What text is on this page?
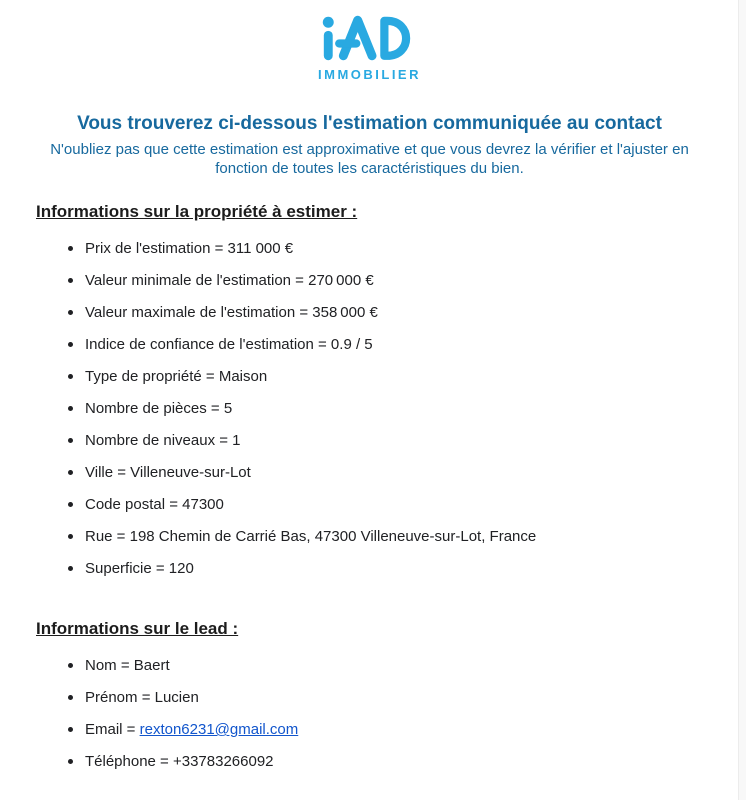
IMMOBILIER
Vous trouverez ci-dessous l'estimation communiquée au contact
N'oubliez pas que cette estimation est approximative et que vous devrez la vérifier et l'ajuster en fonction de toutes les caractéristiques du bien.
Informations sur la propriété à estimer :
Prix de l'estimation = 311 000 €
Valeur minimale de l'estimation = 270 000 €
Valeur maximale de l'estimation = 358 000 €
Indice de confiance de l'estimation = 0.9 / 5
Type de propriété = Maison
Nombre de pièces = 5
Nombre de niveaux = 1
Ville = Villeneuve-sur-Lot
Code postal = 47300
Rue = 198 Chemin de Carrié Bas, 47300 Villeneuve-sur-Lot, France
Superficie = 120
Informations sur le lead :
Nom = Baert
Prénom = Lucien
Email = rexton6231@gmail.com
Téléphone = +33783266092
